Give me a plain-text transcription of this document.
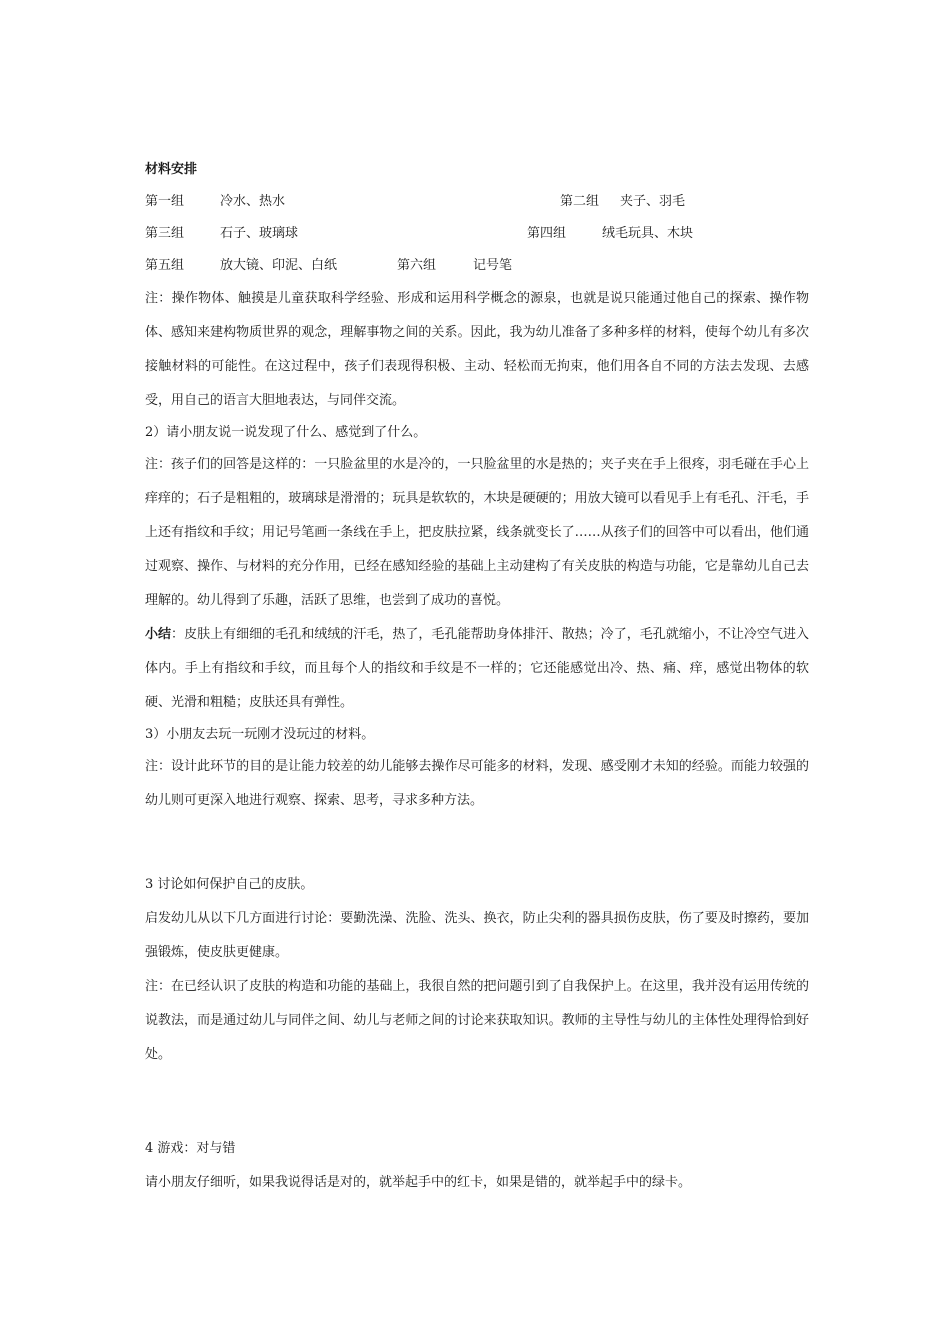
材料安排
第一组	冷水、热水	第二组 夹子、羽毛
第三组	石子、玻璃球	第四组	绒毛玩具、木块
第五组	放大镜、印泥、白纸	第六组	记号笔

注：操作物体、触摸是儿童获取科学经验、形成和运用科学概念的源泉，也就是说只能通过他自己的探索、操作物体、感知来建构物质世界的观念，理解事物之间的关系。因此，我为幼儿准备了多种多样的材料，使每个幼儿有多次接触材料的可能性。在这过程中，孩子们表现得积极、主动、轻松而无拘束，他们用各自不同的方法去发现、去感受，用自己的语言大胆地表达，与同伴交流。

2）请小朋友说一说发现了什么、感觉到了什么。

注：孩子们的回答是这样的：一只脸盆里的水是冷的，一只脸盆里的水是热的；夹子夹在手上很疼，羽毛碰在手心上痒痒的；石子是粗粗的，玻璃球是滑滑的；玩具是软软的，木块是硬硬的；用放大镜可以看见手上有毛孔、汗毛，手上还有指纹和手纹；用记号笔画一条线在手上，把皮肤拉紧，线条就变长了……从孩子们的回答中可以看出，他们通过观察、操作、与材料的充分作用，已经在感知经验的基础上主动建构了有关皮肤的构造与功能，它是靠幼儿自己去理解的。幼儿得到了乐趣，活跃了思维，也尝到了成功的喜悦。

小结：皮肤上有细细的毛孔和绒绒的汗毛，热了，毛孔能帮助身体排汗、散热；冷了，毛孔就缩小，不让冷空气进入体内。手上有指纹和手纹，而且每个人的指纹和手纹是不一样的；它还能感觉出冷、热、痛、痒，感觉出物体的软硬、光滑和粗糙；皮肤还具有弹性。

3）小朋友去玩一玩刚才没玩过的材料。

注：设计此环节的目的是让能力较差的幼儿能够去操作尽可能多的材料，发现、感受刚才未知的经验。而能力较强的幼儿则可更深入地进行观察、探索、思考，寻求多种方法。

3 讨论如何保护自己的皮肤。

启发幼儿从以下几方面进行讨论：要勤洗澡、洗脸、洗头、换衣，防止尖利的器具损伤皮肤，伤了要及时擦药，要加强锻炼，使皮肤更健康。

注：在已经认识了皮肤的构造和功能的基础上，我很自然的把问题引到了自我保护上。在这里，我并没有运用传统的说教法，而是通过幼儿与同伴之间、幼儿与老师之间的讨论来获取知识。教师的主导性与幼儿的主体性处理得恰到好处。

4 游戏：对与错

请小朋友仔细听，如果我说得话是对的，就举起手中的红卡，如果是错的，就举起手中的绿卡。
